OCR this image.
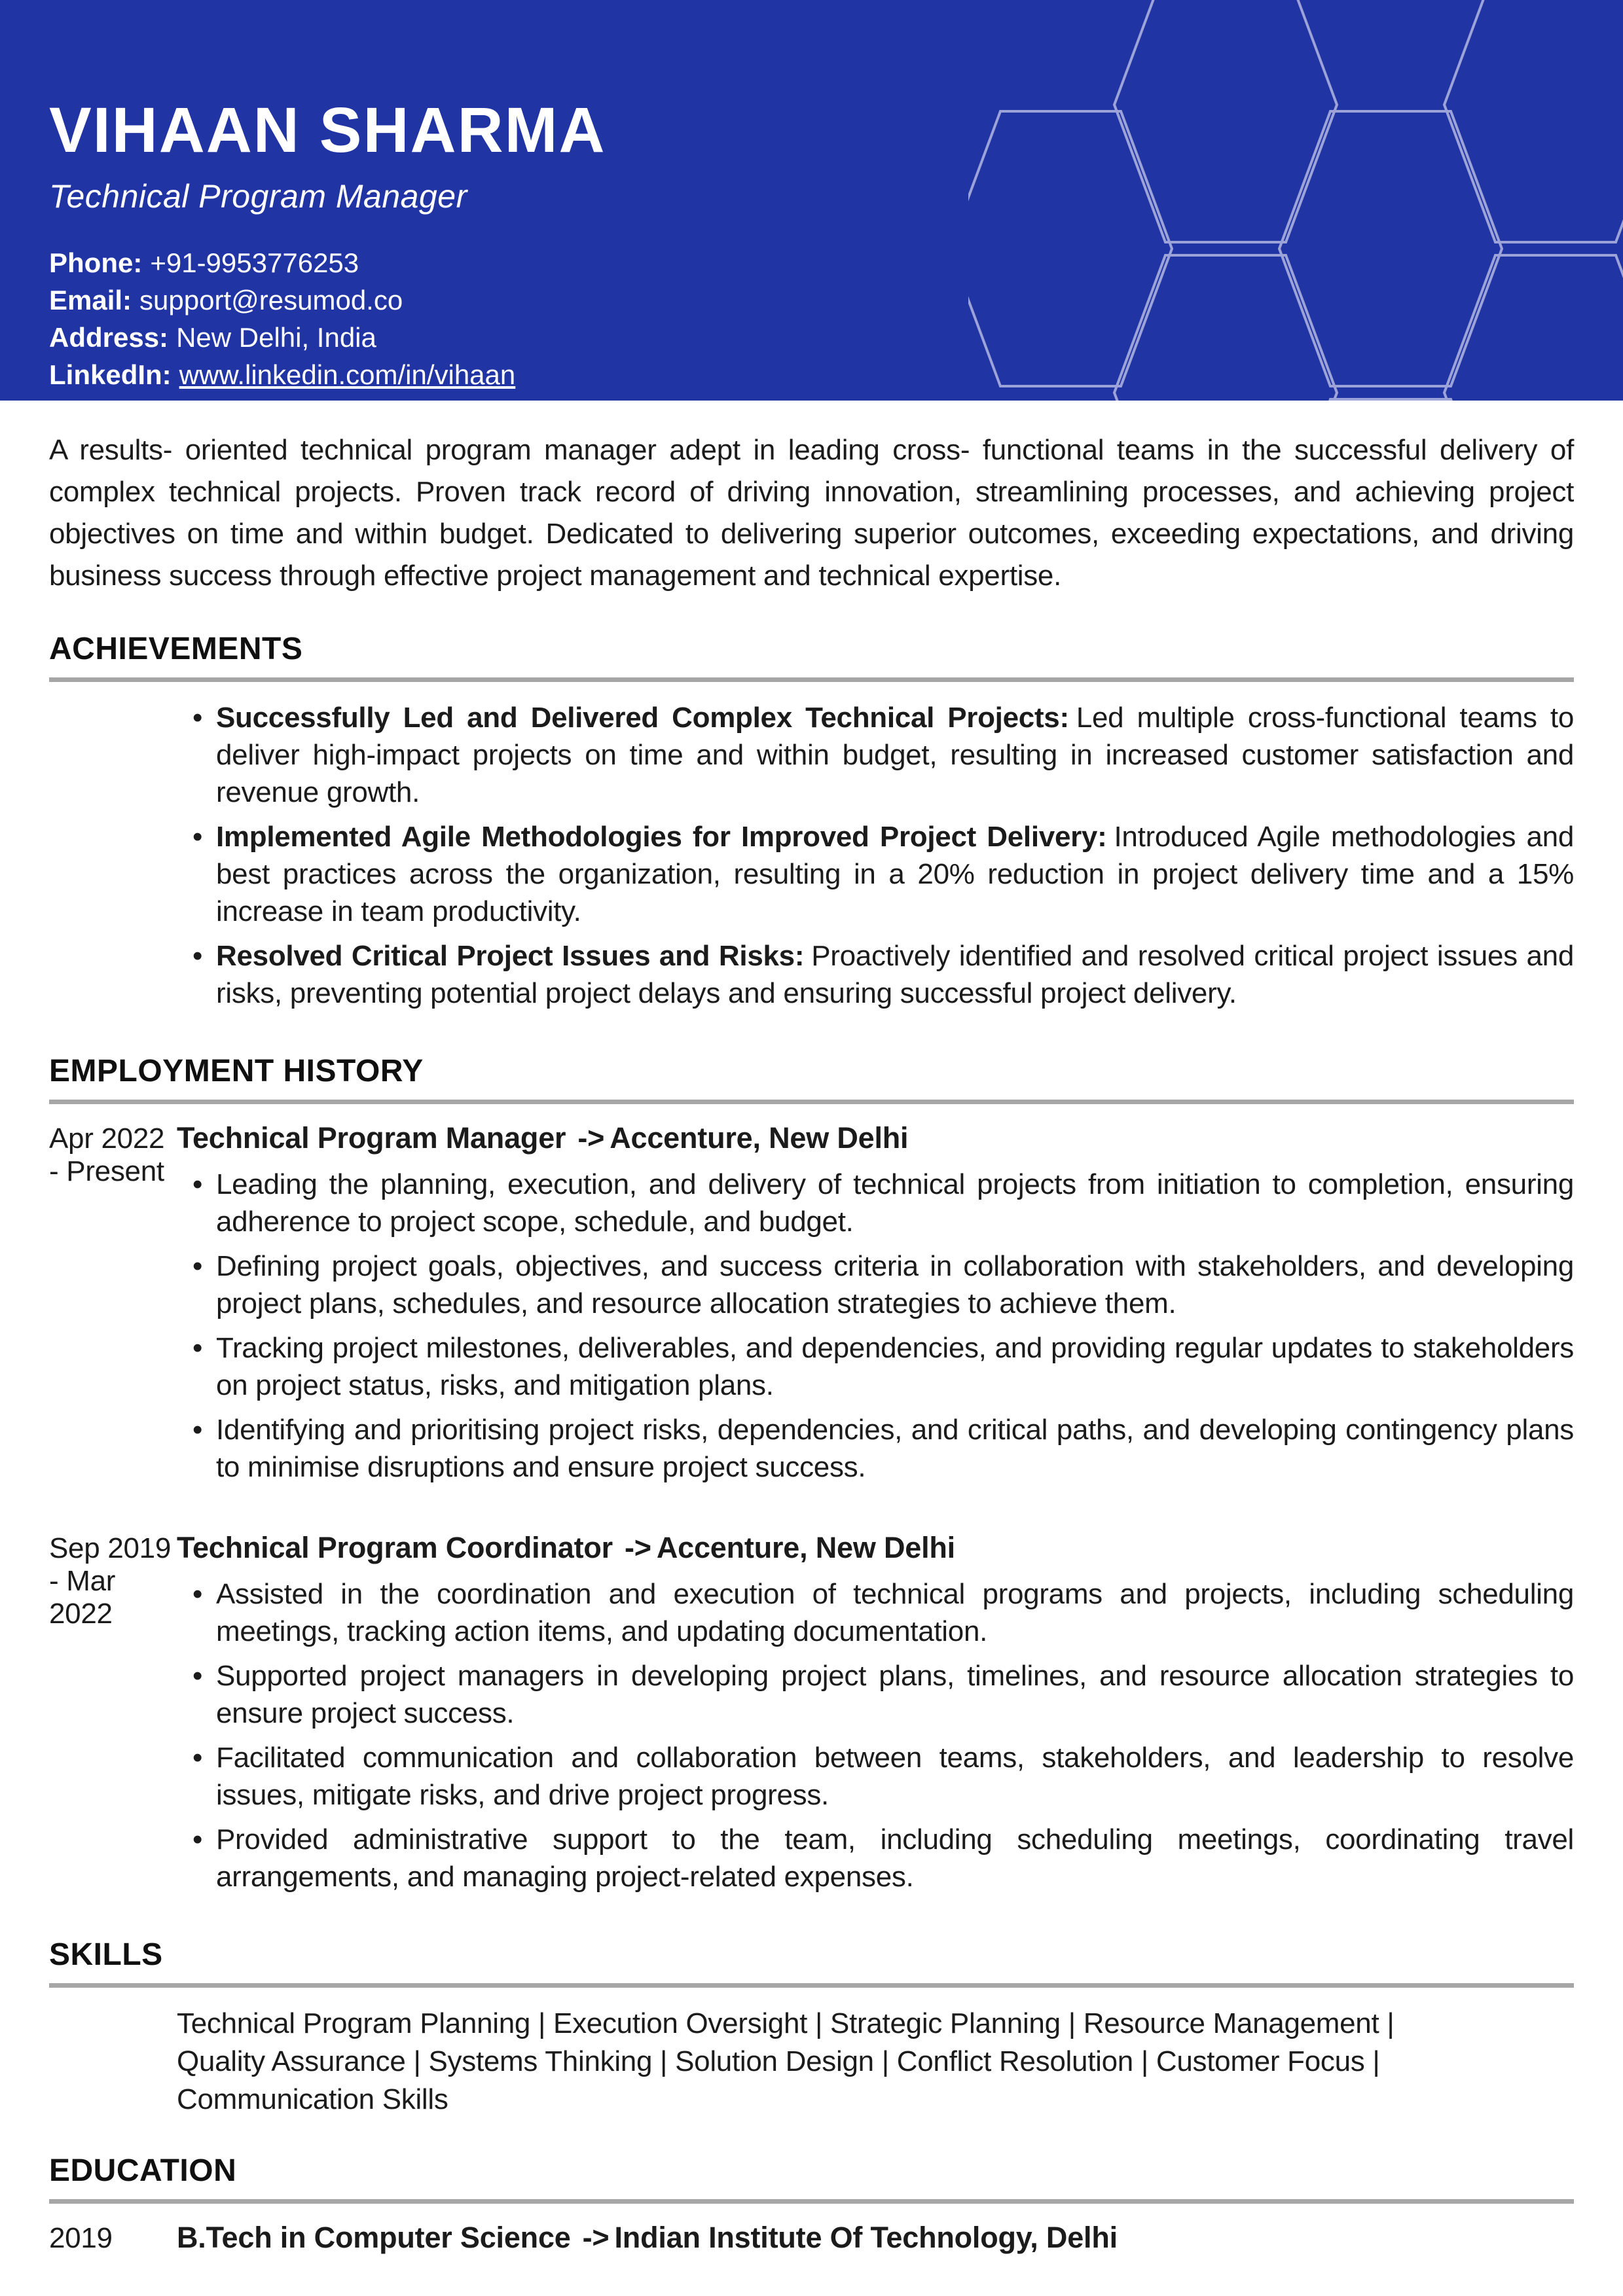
VIHAAN SHARMA
Technical Program Manager
Phone: +91-9953776253
Email: support@resumod.co
Address: New Delhi, India
LinkedIn: www.linkedin.com/in/vihaan

A results- oriented technical program manager adept in leading cross- functional teams in the successful delivery of complex technical projects. Proven track record of driving innovation, streamlining processes, and achieving project objectives on time and within budget. Dedicated to delivering superior outcomes, exceeding expectations, and driving business success through effective project management and technical expertise.

ACHIEVEMENTS
• Successfully Led and Delivered Complex Technical Projects: Led multiple cross-functional teams to deliver high-impact projects on time and within budget, resulting in increased customer satisfaction and revenue growth.
• Implemented Agile Methodologies for Improved Project Delivery: Introduced Agile methodologies and best practices across the organization, resulting in a 20% reduction in project delivery time and a 15% increase in team productivity.
• Resolved Critical Project Issues and Risks: Proactively identified and resolved critical project issues and risks, preventing potential project delays and ensuring successful project delivery.
EMPLOYMENT HISTORY
Apr 2022 - Present
Technical Program Manager -> Accenture, New Delhi
• Leading the planning, execution, and delivery of technical projects from initiation to completion, ensuring adherence to project scope, schedule, and budget.
• Defining project goals, objectives, and success criteria in collaboration with stakeholders, and developing project plans, schedules, and resource allocation strategies to achieve them.
• Tracking project milestones, deliverables, and dependencies, and providing regular updates to stakeholders on project status, risks, and mitigation plans.
• Identifying and prioritising project risks, dependencies, and critical paths, and developing contingency plans to minimise disruptions and ensure project success.
Sep 2019 - Mar 2022
Technical Program Coordinator -> Accenture, New Delhi
• Assisted in the coordination and execution of technical programs and projects, including scheduling meetings, tracking action items, and updating documentation.
• Supported project managers in developing project plans, timelines, and resource allocation strategies to ensure project success.
• Facilitated communication and collaboration between teams, stakeholders, and leadership to resolve issues, mitigate risks, and drive project progress.
• Provided administrative support to the team, including scheduling meetings, coordinating travel arrangements, and managing project-related expenses.
SKILLS
Technical Program Planning | Execution Oversight | Strategic Planning | Resource Management | Quality Assurance | Systems Thinking | Solution Design | Conflict Resolution | Customer Focus | Communication Skills
EDUCATION
2019	B.Tech in Computer Science -> Indian Institute Of Technology, Delhi
